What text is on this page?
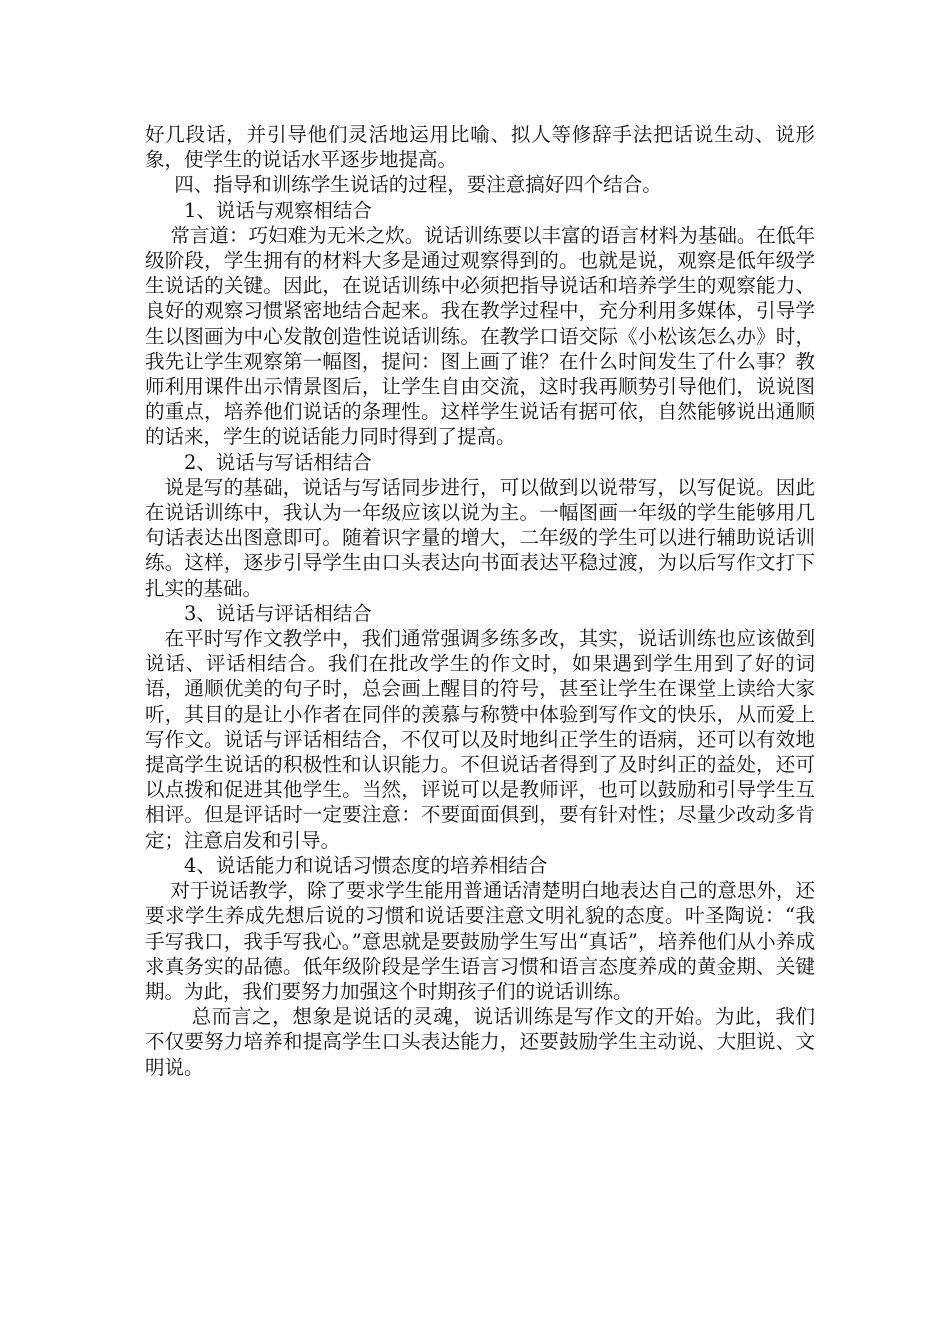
好几段话，并引导他们灵活地运用比喻、拟人等修辞手法把话说生动、说形象，使学生的说话水平逐步地提高。

四、指导和训练学生说话的过程，要注意搞好四个结合。

1、说话与观察相结合

常言道：巧妇难为无米之炊。说话训练要以丰富的语言材料为基础。在低年级阶段，学生拥有的材料大多是通过观察得到的。也就是说，观察是低年级学生说话的关键。因此，在说话训练中必须把指导说话和培养学生的观察能力、良好的观察习惯紧密地结合起来。我在教学过程中，充分利用多媒体，引导学生以图画为中心发散创造性说话训练。在教学口语交际《小松该怎么办》时，我先让学生观察第一幅图，提问：图上画了谁？在什么时间发生了什么事？教师利用课件出示情景图后，让学生自由交流，这时我再顺势引导他们，说说图的重点，培养他们说话的条理性。这样学生说话有据可依，自然能够说出通顺的话来，学生的说话能力同时得到了提高。

2、说话与写话相结合

说是写的基础，说话与写话同步进行，可以做到以说带写，以写促说。因此在说话训练中，我认为一年级应该以说为主。一幅图画一年级的学生能够用几句话表达出图意即可。随着识字量的增大，二年级的学生可以进行辅助说话训练。这样，逐步引导学生由口头表达向书面表达平稳过渡，为以后写作文打下扎实的基础。

3、说话与评话相结合

在平时写作文教学中，我们通常强调多练多改，其实，说话训练也应该做到说话、评话相结合。我们在批改学生的作文时，如果遇到学生用到了好的词语，通顺优美的句子时，总会画上醒目的符号，甚至让学生在课堂上读给大家听，其目的是让小作者在同伴的羡慕与称赞中体验到写作文的快乐，从而爱上写作文。说话与评话相结合，不仅可以及时地纠正学生的语病，还可以有效地提高学生说话的积极性和认识能力。不但说话者得到了及时纠正的益处，还可以点拨和促进其他学生。当然，评说可以是教师评，也可以鼓励和引导学生互相评。但是评话时一定要注意：不要面面俱到，要有针对性；尽量少改动多肯定；注意启发和引导。

4、说话能力和说话习惯态度的培养相结合

对于说话教学，除了要求学生能用普通话清楚明白地表达自己的意思外，还要求学生养成先想后说的习惯和说话要注意文明礼貌的态度。叶圣陶说：“我手写我口，我手写我心。”意思就是要鼓励学生写出“真话”，培养他们从小养成求真务实的品德。低年级阶段是学生语言习惯和语言态度养成的黄金期、关键期。为此，我们要努力加强这个时期孩子们的说话训练。

总而言之，想象是说话的灵魂，说话训练是写作文的开始。为此，我们不仅要努力培养和提高学生口头表达能力，还要鼓励学生主动说、大胆说、文明说。
